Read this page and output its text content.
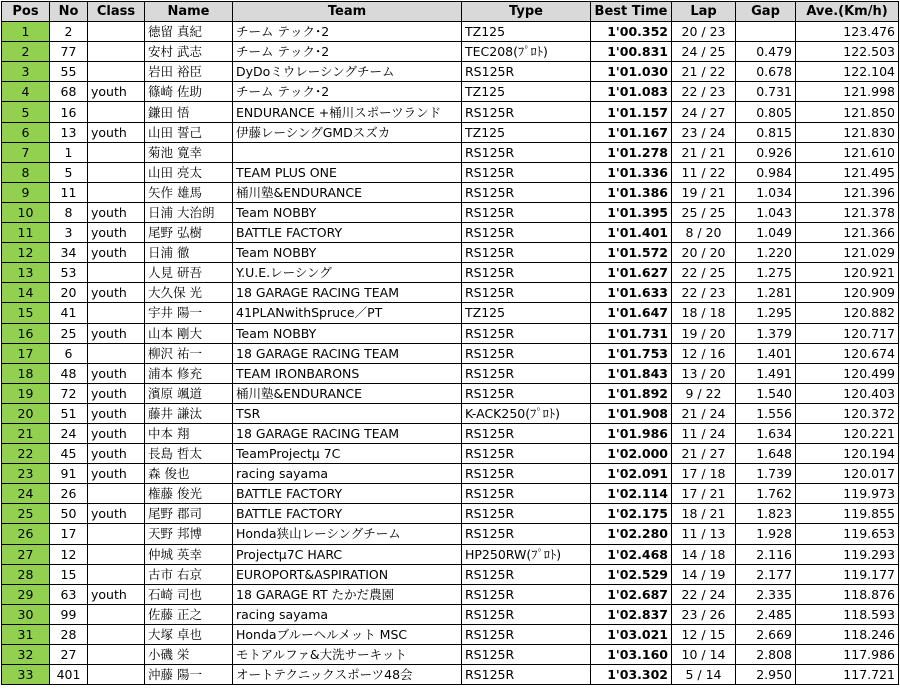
Pos	No	Class	Name	Team	Type	Best Time	Lap	Gap	Ave.(Km/h)
1	2		徳留 真紀	チーム テック･2	TZ125	1'00.352	20 / 23		123.476
2	77		安村 武志	チーム テック･2	TEC208(ﾌﾟﾛﾄ)	1'00.831	24 / 25	0.479	122.503
3	55		岩田 裕臣	DyDoミウレーシングチーム	RS125R	1'01.030	21 / 22	0.678	122.104
4	68	youth	篠崎 佐助	チーム テック･2	TZ125	1'01.083	22 / 23	0.731	121.998
5	16		鎌田 悟	ENDURANCE +桶川スポーツランド	RS125R	1'01.157	24 / 27	0.805	121.850
6	13	youth	山田 誓己	伊藤レーシングGMDスズカ	TZ125	1'01.167	23 / 24	0.815	121.830
7	1		菊池 寛幸		RS125R	1'01.278	21 / 21	0.926	121.610
8	5		山田 亮太	TEAM PLUS ONE	RS125R	1'01.336	11 / 22	0.984	121.495
9	11		矢作 雄馬	桶川塾&ENDURANCE	RS125R	1'01.386	19 / 21	1.034	121.396
10	8	youth	日浦 大治朗	Team NOBBY	RS125R	1'01.395	25 / 25	1.043	121.378
11	3	youth	尾野 弘樹	BATTLE FACTORY	RS125R	1'01.401	8 / 20	1.049	121.366
12	34	youth	日浦 徹	Team NOBBY	RS125R	1'01.572	20 / 20	1.220	121.029
13	53		人見 研吾	Y.U.E.レーシング	RS125R	1'01.627	22 / 25	1.275	120.921
14	20	youth	大久保 光	18 GARAGE RACING TEAM	RS125R	1'01.633	22 / 23	1.281	120.909
15	41		宇井 陽一	41PLANwithSpruce／PT	TZ125	1'01.647	18 / 18	1.295	120.882
16	25	youth	山本 剛大	Team NOBBY	RS125R	1'01.731	19 / 20	1.379	120.717
17	6		柳沢 祐一	18 GARAGE RACING TEAM	RS125R	1'01.753	12 / 16	1.401	120.674
18	48	youth	浦本 修充	TEAM IRONBARONS	RS125R	1'01.843	13 / 20	1.491	120.499
19	72	youth	濱原 颯道	桶川塾&ENDURANCE	RS125R	1'01.892	9 / 22	1.540	120.403
20	51	youth	藤井 謙汰	TSR	K-ACK250(ﾌﾟﾛﾄ)	1'01.908	21 / 24	1.556	120.372
21	24	youth	中本 翔	18 GARAGE RACING TEAM	RS125R	1'01.986	11 / 24	1.634	120.221
22	45	youth	長島 哲太	TeamProjectμ 7C	RS125R	1'02.000	21 / 27	1.648	120.194
23	91	youth	森 俊也	racing sayama	RS125R	1'02.091	17 / 18	1.739	120.017
24	26		権藤 俊光	BATTLE FACTORY	RS125R	1'02.114	17 / 21	1.762	119.973
25	50	youth	尾野 郡司	BATTLE FACTORY	RS125R	1'02.175	18 / 21	1.823	119.855
26	17		天野 邦博	Honda狭山レーシングチーム	RS125R	1'02.280	11 / 13	1.928	119.653
27	12		仲城 英幸	Projectμ7C HARC	HP250RW(ﾌﾟﾛﾄ)	1'02.468	14 / 18	2.116	119.293
28	15		古市 右京	EUROPORT&ASPIRATION	RS125R	1'02.529	14 / 19	2.177	119.177
29	63	youth	石崎 司也	18 GARAGE RT たかだ農園	RS125R	1'02.687	22 / 24	2.335	118.876
30	99		佐藤 正之	racing sayama	RS125R	1'02.837	23 / 26	2.485	118.593
31	28		大塚 卓也	Hondaブルーヘルメット MSC	RS125R	1'03.021	12 / 15	2.669	118.246
32	27		小磯 栄	モトアルファ&大洗サーキット	RS125R	1'03.160	10 / 14	2.808	117.986
33	401		沖藤 陽一	オートテクニックスポーツ48会	RS125R	1'03.302	5 / 14	2.950	117.721
